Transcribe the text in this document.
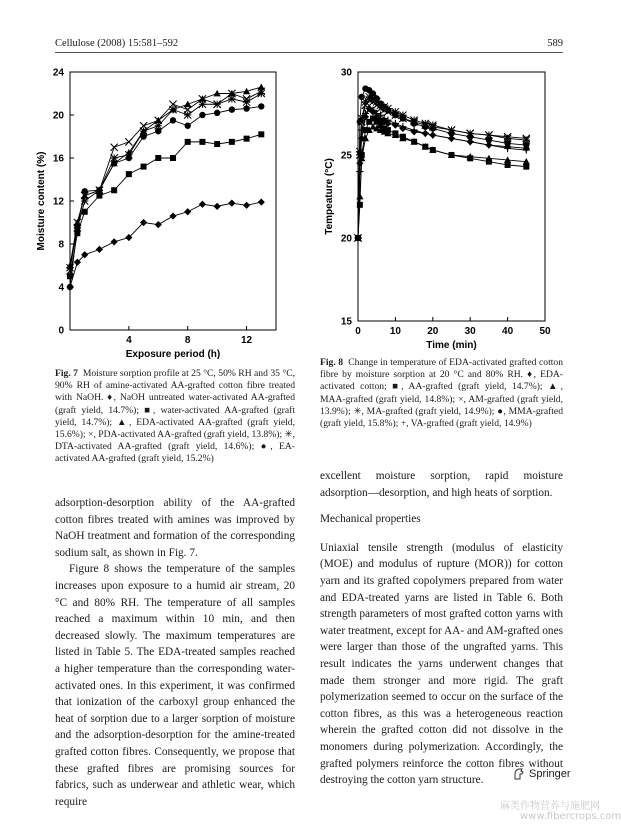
Cellulose (2008) 15:581–592	589
0
4
8
12
16
20
24
4	8	12
Exposure period (h)
Moisture content (%)
15
20
25
30
0	10	20	30	40	50
Time (min)
Tempeature (°C)
Fig. 7 Moisture sorption profile at 25 °C, 50% RH and 35 °C, 90% RH of amine-activated AA-grafted cotton fibre treated with NaOH. ♦, NaOH untreated water-activated AA-grafted (graft yield, 14.7%); ■, water-activated AA-grafted (graft yield, 14.7%); ▲, EDA-activated AA-grafted (graft yield, 15.6%); ×, PDA-activated AA-grafted (graft yield, 13.8%); ✳, DTA-activated AA-grafted (graft yield, 14.6%); ●, EA-activated AA-grafted (graft yield, 15.2%)
Fig. 8 Change in temperature of EDA-activated grafted cotton fibre by moisture sorption at 20 °C and 80% RH. ♦, EDA-activated cotton; ■, AA-grafted (graft yield, 14.7%); ▲, MAA-grafted (graft yield, 14.8%); ×, AM-grafted (graft yield, 13.9%); ✳, MA-grafted (graft yield, 14.9%); ●, MMA-grafted (graft yield, 15.8%); +, VA-grafted (graft yield, 14.9%)

adsorption-desorption ability of the AA-grafted cotton fibres treated with amines was improved by NaOH treatment and formation of the corresponding sodium salt, as shown in Fig. 7.

Figure 8 shows the temperature of the samples increases upon exposure to a humid air stream, 20 °C and 80% RH. The temperature of all samples reached a maximum within 10 min, and then decreased slowly. The maximum temperatures are listed in Table 5. The EDA-treated samples reached a higher temperature than the corresponding water-activated ones. In this experiment, it was confirmed that ionization of the carboxyl group enhanced the heat of sorption due to a larger sorption of moisture and the adsorption-desorption for the amine-treated grafted cotton fibres. Consequently, we propose that these grafted fibres are promising sources for fabrics, such as underwear and athletic wear, which require

excellent moisture sorption, rapid moisture adsorption—desorption, and high heats of sorption.

Mechanical properties

Uniaxial tensile strength (modulus of elasticity (MOE) and modulus of rupture (MOR)) for cotton yarn and its grafted copolymers prepared from water and EDA-treated yarns are listed in Table 6. Both strength parameters of most grafted cotton yarns with water treatment, except for AA- and AM-grafted ones were larger than those of the ungrafted yarns. This result indicates the yarns underwent changes that made them stronger and more rigid. The graft polymerization seemed to occur on the surface of the cotton fibres, as this was a heterogeneous reaction wherein the grafted cotton did not dissolve in the monomers during polymerization. Accordingly, the grafted polymers reinforce the cotton fibres without destroying the cotton yarn structure.

Springer
麻类作物营养与施肥网
www.fibercrops.com
